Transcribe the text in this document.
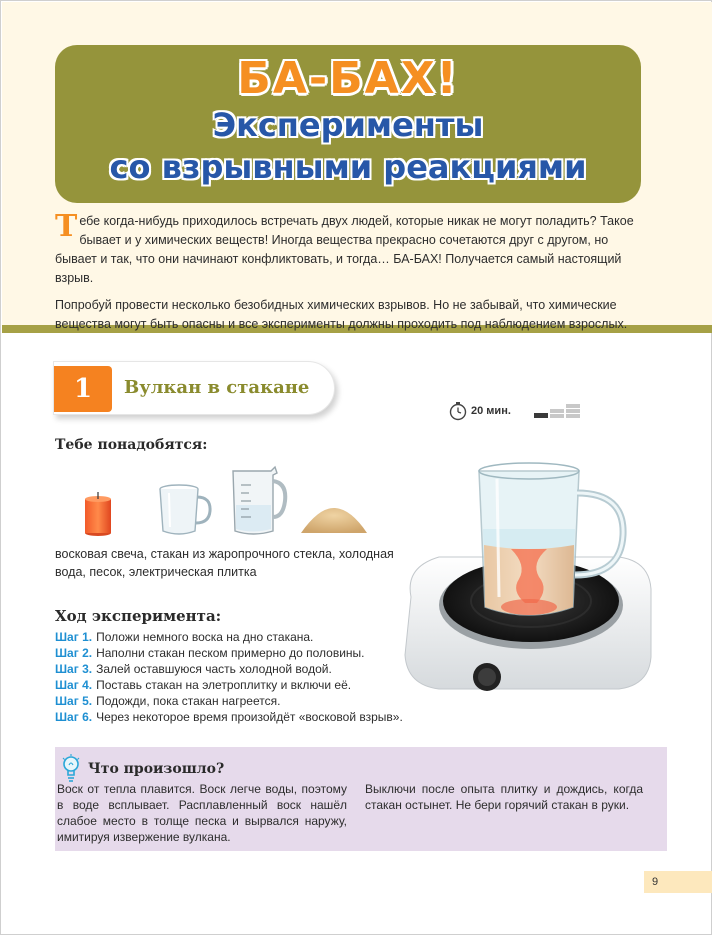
БА-БАХ!
Эксперименты
со взрывными реакциями

Тебе когда-нибудь приходилось встречать двух людей, которые никак не могут поладить? Такое бывает и у химических веществ! Иногда вещества прекрасно сочетаются друг с другом, но бывает и так, что они начинают конфликтовать, и тогда… БА-БАХ! Получается самый настоящий взрыв.

Попробуй провести несколько безобидных химических взрывов. Но не забывай, что химические вещества могут быть опасны и все эксперименты должны проходить под наблюдением взрослых.

1	Вулкан в стакане
20 мин.
Тебе понадобятся:
восковая свеча, стакан из жаропрочного стекла, холодная вода, песок, электрическая плитка
Ход эксперимента:
Шаг 1. Положи немного воска на дно стакана.
Шаг 2. Наполни стакан песком примерно до половины.
Шаг 3. Залей оставшуюся часть холодной водой.
Шаг 4. Поставь стакан на элетроплитку и включи её.
Шаг 5. Подожди, пока стакан нагреется.
Шаг 6. Через некоторое время произойдёт «восковой взрыв».
Что произошло?
Воск от тепла плавится. Воск легче воды, поэтому в воде всплывает. Расплавленный воск нашёл слабое место в толще песка и вырвался наружу, имитируя извержение вулкана.
Выключи после опыта плитку и дождись, когда стакан остынет. Не бери горячий стакан в руки.
9
